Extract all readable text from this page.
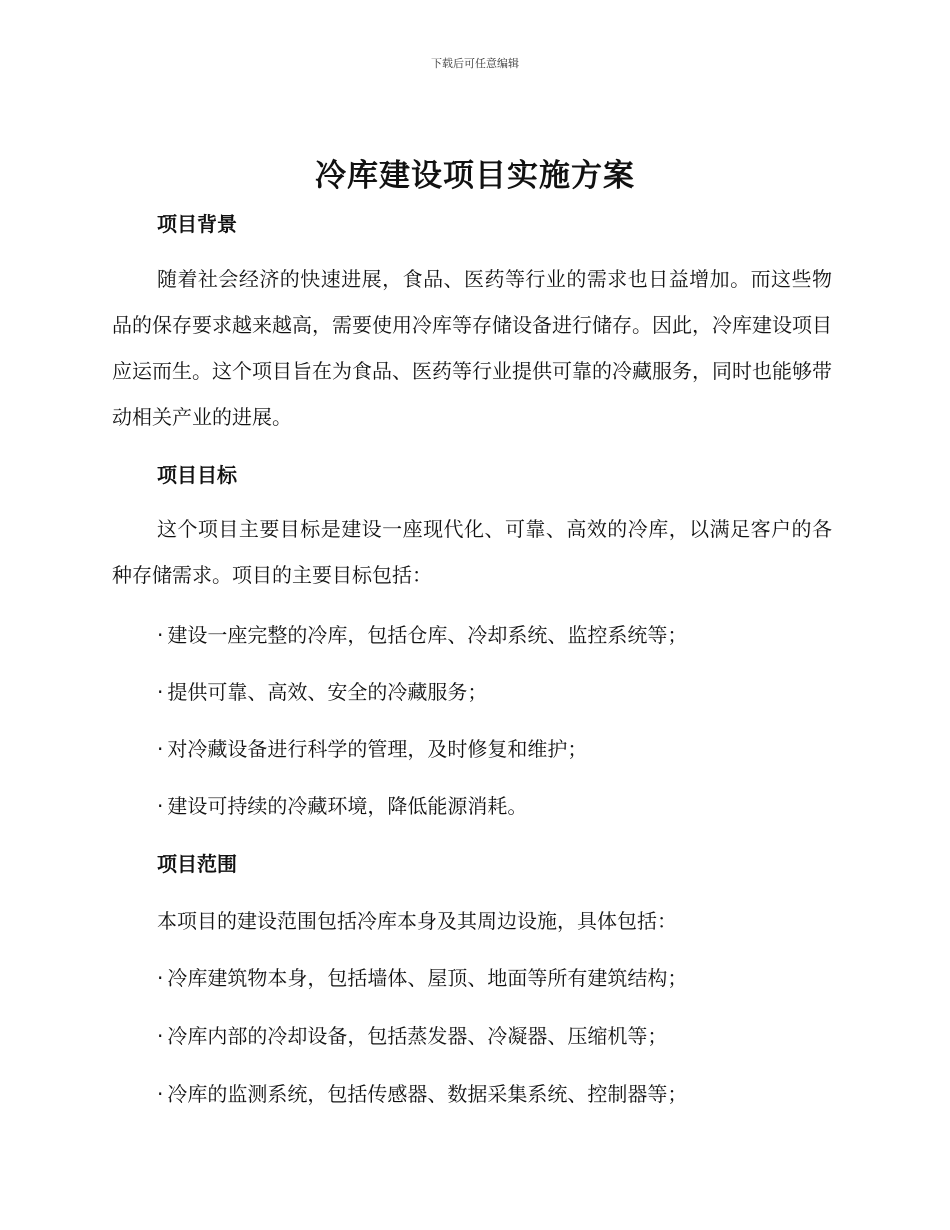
下载后可任意编辑
冷库建设项目实施方案
项目背景

随着社会经济的快速进展，食品、医药等行业的需求也日益增加。而这些物品的保存要求越来越高，需要使用冷库等存储设备进行储存。因此，冷库建设项目应运而生。这个项目旨在为食品、医药等行业提供可靠的冷藏服务，同时也能够带动相关产业的进展。

项目目标

这个项目主要目标是建设一座现代化、可靠、高效的冷库，以满足客户的各种存储需求。项目的主要目标包括：

· 建设一座完整的冷库，包括仓库、冷却系统、监控系统等；

· 提供可靠、高效、安全的冷藏服务；

· 对冷藏设备进行科学的管理，及时修复和维护；

· 建设可持续的冷藏环境，降低能源消耗。

项目范围

本项目的建设范围包括冷库本身及其周边设施，具体包括：

· 冷库建筑物本身，包括墙体、屋顶、地面等所有建筑结构；

· 冷库内部的冷却设备，包括蒸发器、冷凝器、压缩机等；

· 冷库的监测系统，包括传感器、数据采集系统、控制器等；
